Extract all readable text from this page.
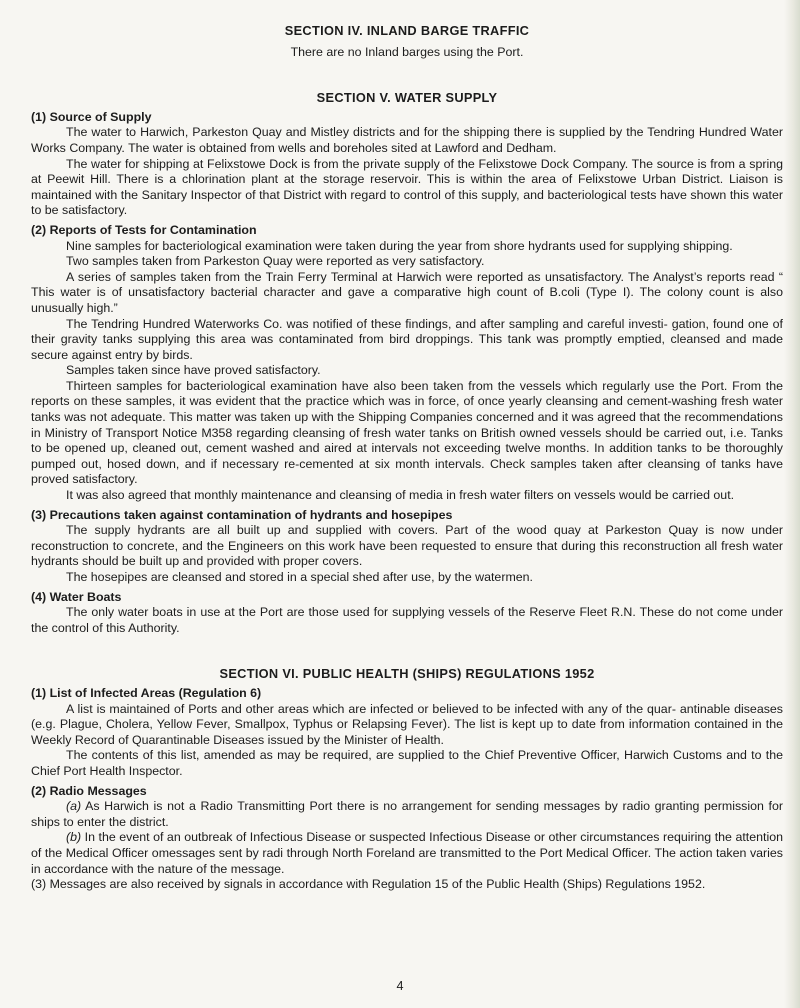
SECTION IV. INLAND BARGE TRAFFIC

There are no Inland barges using the Port.

SECTION V. WATER SUPPLY

(1) Source of Supply

The water to Harwich, Parkeston Quay and Mistley districts and for the shipping there is supplied by the Tendring Hundred Water Works Company. The water is obtained from wells and boreholes sited at Lawford and Dedham.

The water for shipping at Felixstowe Dock is from the private supply of the Felixstowe Dock Company. The source is from a spring at Peewit Hill. There is a chlorination plant at the storage reservoir. This is within the area of Felixstowe Urban District. Liaison is maintained with the Sanitary Inspector of that District with regard to control of this supply, and bacteriological tests have shown this water to be satisfactory.

(2) Reports of Tests for Contamination

Nine samples for bacteriological examination were taken during the year from shore hydrants used for supplying shipping.

Two samples taken from Parkeston Quay were reported as very satisfactory.

A series of samples taken from the Train Ferry Terminal at Harwich were reported as unsatisfactory. The Analyst’s reports read “ This water is of unsatisfactory bacterial character and gave a comparative high count of B.coli (Type I). The colony count is also unusually high.”

The Tendring Hundred Waterworks Co. was notified of these findings, and after sampling and careful investi- gation, found one of their gravity tanks supplying this area was contaminated from bird droppings. This tank was promptly emptied, cleansed and made secure against entry by birds.

Samples taken since have proved satisfactory.

Thirteen samples for bacteriological examination have also been taken from the vessels which regularly use the Port. From the reports on these samples, it was evident that the practice which was in force, of once yearly cleansing and cement-washing fresh water tanks was not adequate. This matter was taken up with the Shipping Companies concerned and it was agreed that the recommendations in Ministry of Transport Notice M358 regarding cleansing of fresh water tanks on British owned vessels should be carried out, i.e. Tanks to be opened up, cleaned out, cement washed and aired at intervals not exceeding twelve months. In addition tanks to be thoroughly pumped out, hosed down, and if necessary re-cemented at six month intervals. Check samples taken after cleansing of tanks have proved satisfactory.

It was also agreed that monthly maintenance and cleansing of media in fresh water filters on vessels would be carried out.

(3) Precautions taken against contamination of hydrants and hosepipes

The supply hydrants are all built up and supplied with covers. Part of the wood quay at Parkeston Quay is now under reconstruction to concrete, and the Engineers on this work have been requested to ensure that during this reconstruction all fresh water hydrants should be built up and provided with proper covers.

The hosepipes are cleansed and stored in a special shed after use, by the watermen.

(4) Water Boats

The only water boats in use at the Port are those used for supplying vessels of the Reserve Fleet R.N. These do not come under the control of this Authority.

SECTION VI. PUBLIC HEALTH (SHIPS) REGULATIONS 1952

(1) List of Infected Areas (Regulation 6)

A list is maintained of Ports and other areas which are infected or believed to be infected with any of the quar- antinable diseases (e.g. Plague, Cholera, Yellow Fever, Smallpox, Typhus or Relapsing Fever). The list is kept up to date from information contained in the Weekly Record of Quarantinable Diseases issued by the Minister of Health.

The contents of this list, amended as may be required, are supplied to the Chief Preventive Officer, Harwich Customs and to the Chief Port Health Inspector.

(2) Radio Messages

(a) As Harwich is not a Radio Transmitting Port there is no arrangement for sending messages by radio granting permission for ships to enter the district.

(b) In the event of an outbreak of Infectious Disease or suspected Infectious Disease or other circumstances requiring the attention of the Medical Officer omessages sent by radi through North Foreland are transmitted to the Port Medical Officer. The action taken varies in accordance with the nature of the message.

(3) Messages are also received by signals in accordance with Regulation 15 of the Public Health (Ships) Regulations 1952.

4
